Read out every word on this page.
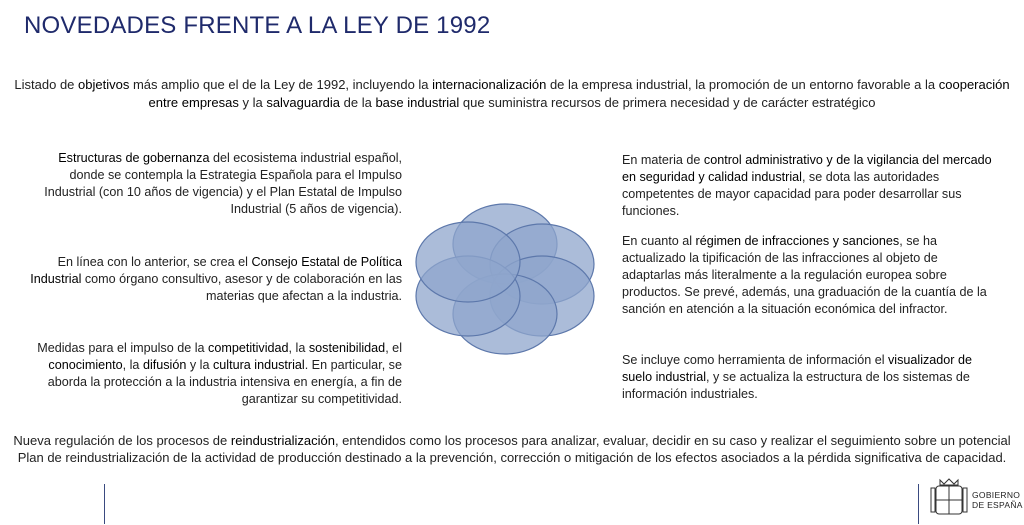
NOVEDADES FRENTE A LA LEY DE 1992
Listado de objetivos más amplio que el de la Ley de 1992, incluyendo la internacionalización de la empresa industrial, la promoción de un entorno favorable a la cooperación entre empresas y la salvaguardia de la base industrial que suministra recursos de primera necesidad y de carácter estratégico
Estructuras de gobernanza del ecosistema industrial español, donde se contempla la Estrategia Española para el Impulso Industrial (con 10 años de vigencia) y el Plan Estatal de Impulso Industrial (5 años de vigencia).
En línea con lo anterior, se crea el Consejo Estatal de Política Industrial como órgano consultivo, asesor y de colaboración en las materias que afectan a la industria.
Medidas para el impulso de la competitividad, la sostenibilidad, el conocimiento, la difusión y la cultura industrial. En particular, se aborda la protección a la industria intensiva en energía, a fin de garantizar su competitividad.
En materia de control administrativo y de la vigilancia del mercado en seguridad y calidad industrial, se dota las autoridades competentes de mayor capacidad para poder desarrollar sus funciones.
En cuanto al régimen de infracciones y sanciones, se ha actualizado la tipificación de las infracciones al objeto de adaptarlas más literalmente a la regulación europea sobre productos. Se prevé, además, una graduación de la cuantía de la sanción en atención a la situación económica del infractor.
Se incluye como herramienta de información el visualizador de suelo industrial, y se actualiza la estructura de los sistemas de información industriales.
Nueva regulación de los procesos de reindustrialización, entendidos como los procesos para analizar, evaluar, decidir en su caso y realizar el seguimiento sobre un potencial Plan de reindustrialización de la actividad de producción destinado a la prevención, corrección o mitigación de los efectos asociados a la pérdida significativa de capacidad.
GOBIERNO
DE ESPAÑA
